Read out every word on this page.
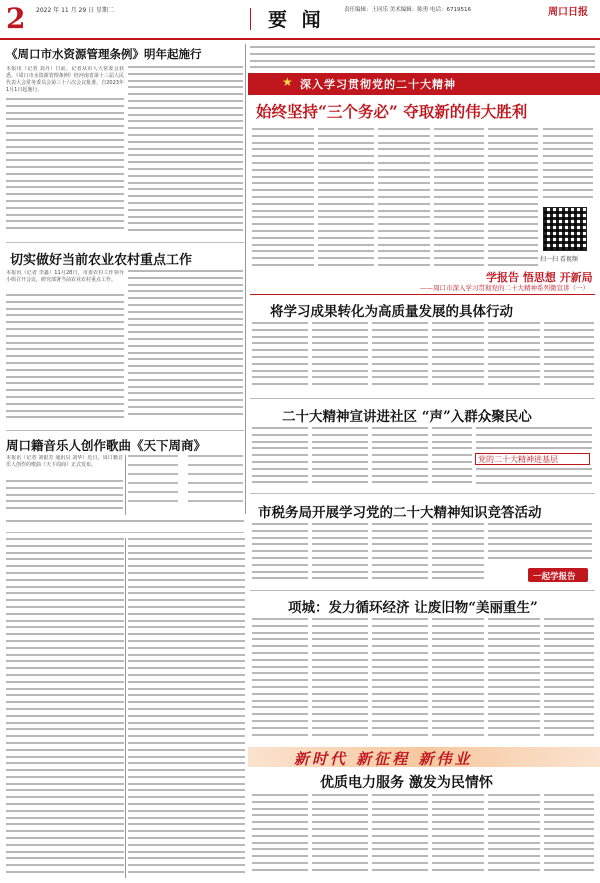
2 2022 年 11 月 29 日 星期二	要 闻	责任编辑：王同乐 美术编辑：陈勇 电话：6719516	周口日报
《周口市水资源管理条例》明年起施行
本报讯（记者 刘丹）日前，记者从市人大常委会获悉，《周口市水资源管理条例》经河南省第十三届人民代表大会常务委员会第三十六次会议批准，自2023年1月1日起施行。
切实做好当前农业农村重点工作
本报讯（记者 李鑫）11月28日，市委农村工作领导小组召开会议，研究部署当前农业农村重点工作。
周口籍音乐人创作歌曲《天下周商》
本报讯（记者 刘银芳 通讯员 刘华）近日，周口籍音乐人创作的歌曲《天下周商》正式发布。
★ 深入学习贯彻党的二十大精神
始终坚持“三个务必” 夺取新的伟大胜利
扫一扫 看视频
学报告 悟思想 开新局
——周口市深入学习贯彻党的二十大精神系列微宣讲（一）
将学习成果转化为高质量发展的具体行动
二十大精神宣讲进社区 “声”入群众聚民心
党的二十大精神进基层
市税务局开展学习党的二十大精神知识竞答活动
一起学报告
项城：发力循环经济 让废旧物“美丽重生”
新时代 新征程 新伟业
优质电力服务 激发为民情怀
